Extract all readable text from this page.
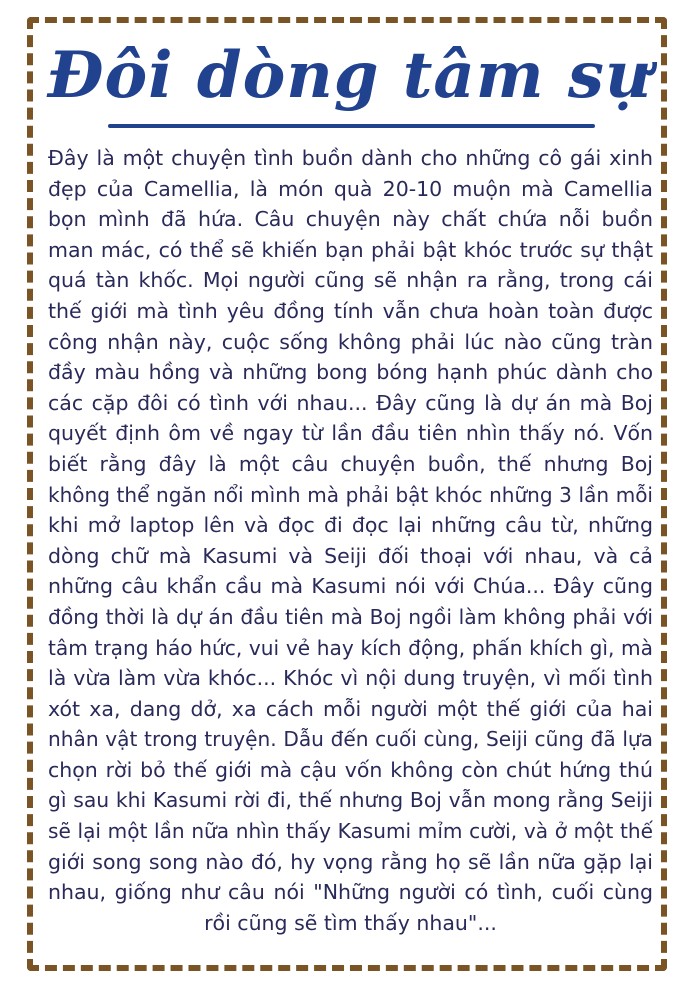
Đôi dòng tâm sự
Đây là một chuyện tình buồn dành cho những cô gái xinh
đẹp của Camellia, là món quà 20-10 muộn mà Camellia
bọn mình đã hứa. Câu chuyện này chất chứa nỗi buồn
man mác, có thể sẽ khiến bạn phải bật khóc trước sự thật
quá tàn khốc. Mọi người cũng sẽ nhận ra rằng, trong cái
thế giới mà tình yêu đồng tính vẫn chưa hoàn toàn được
công nhận này, cuộc sống không phải lúc nào cũng tràn
đầy màu hồng và những bong bóng hạnh phúc dành cho
các cặp đôi có tình với nhau... Đây cũng là dự án mà Boj
quyết định ôm về ngay từ lần đầu tiên nhìn thấy nó. Vốn
biết rằng đây là một câu chuyện buồn, thế nhưng Boj
không thể ngăn nổi mình mà phải bật khóc những 3 lần mỗi
khi mở laptop lên và đọc đi đọc lại những câu từ, những
dòng chữ mà Kasumi và Seiji đối thoại với nhau, và cả
những câu khẩn cầu mà Kasumi nói với Chúa... Đây cũng
đồng thời là dự án đầu tiên mà Boj ngồi làm không phải với
tâm trạng háo hức, vui vẻ hay kích động, phấn khích gì, mà
là vừa làm vừa khóc... Khóc vì nội dung truyện, vì mối tình
xót xa, dang dở, xa cách mỗi người một thế giới của hai
nhân vật trong truyện. Dẫu đến cuối cùng, Seiji cũng đã lựa
chọn rời bỏ thế giới mà cậu vốn không còn chút hứng thú
gì sau khi Kasumi rời đi, thế nhưng Boj vẫn mong rằng Seiji
sẽ lại một lần nữa nhìn thấy Kasumi mỉm cười, và ở một thế
giới song song nào đó, hy vọng rằng họ sẽ lần nữa gặp lại
nhau, giống như câu nói "Những người có tình, cuối cùng
rồi cũng sẽ tìm thấy nhau"...
